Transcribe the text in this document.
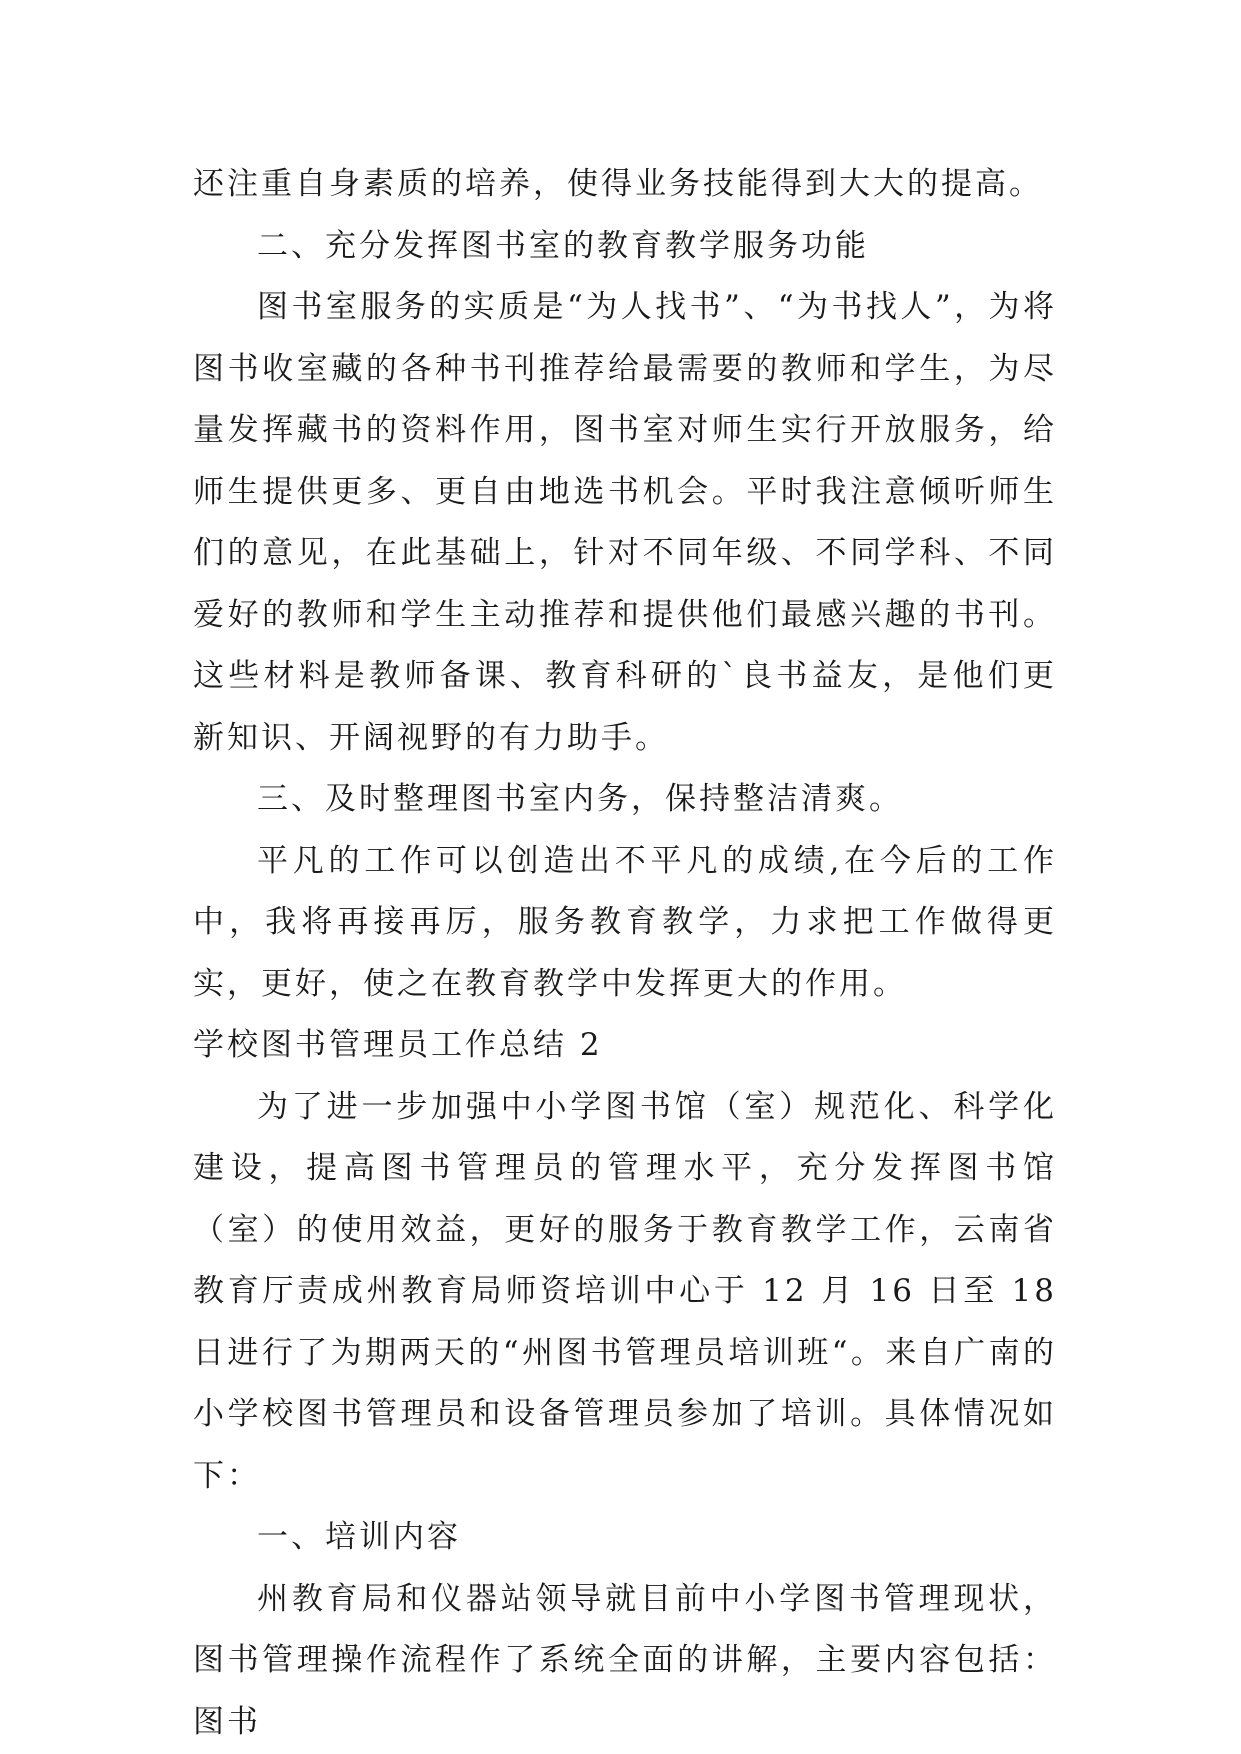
还注重自身素质的培养，使得业务技能得到大大的提高。

二、充分发挥图书室的教育教学服务功能

图书室服务的实质是“为人找书”、“为书找人”，为将图书收室藏的各种书刊推荐给最需要的教师和学生，为尽量发挥藏书的资料作用，图书室对师生实行开放服务，给师生提供更多、更自由地选书机会。平时我注意倾听师生们的意见，在此基础上，针对不同年级、不同学科、不同爱好的教师和学生主动推荐和提供他们最感兴趣的书刊。这些材料是教师备课、教育科研的`良书益友，是他们更新知识、开阔视野的有力助手。

三、及时整理图书室内务，保持整洁清爽。

平凡的工作可以创造出不平凡的成绩,在今后的工作中，我将再接再厉，服务教育教学，力求把工作做得更实，更好，使之在教育教学中发挥更大的作用。

学校图书管理员工作总结 2

为了进一步加强中小学图书馆（室）规范化、科学化建设，提高图书管理员的管理水平，充分发挥图书馆（室）的使用效益，更好的服务于教育教学工作，云南省教育厅责成州教育局师资培训中心于 12 月 16 日至 18 日进行了为期两天的“州图书管理员培训班“。来自广南的小学校图书管理员和设备管理员参加了培训。具体情况如下：

一、培训内容

州教育局和仪器站领导就目前中小学图书管理现状，图书管理操作流程作了系统全面的讲解，主要内容包括：图书
